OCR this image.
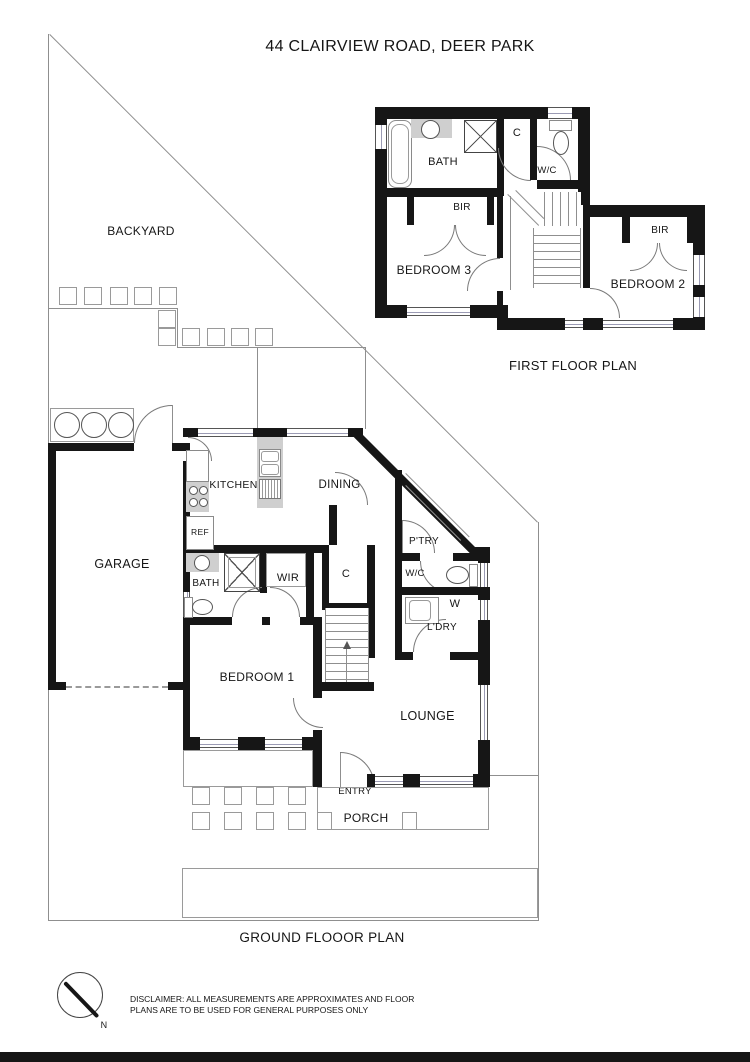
44 CLAIRVIEW ROAD, DEER PARK
BACKYARD
GARAGE
KITCHEN
REF
DINING
P'TRY
BATH	WIR	C	W/C
W
L'DRY
BEDROOM 1
LOUNGE
ENTRY
PORCH
BATH
C
W/C
BIR
BEDROOM 3
BIR
BEDROOM 2
FIRST FLOOR PLAN
GROUND FLOOOR PLAN
N
DISCLAIMER: ALL MEASUREMENTS ARE APPROXIMATES AND FLOOR
PLANS ARE TO BE USED FOR GENERAL PURPOSES ONLY
